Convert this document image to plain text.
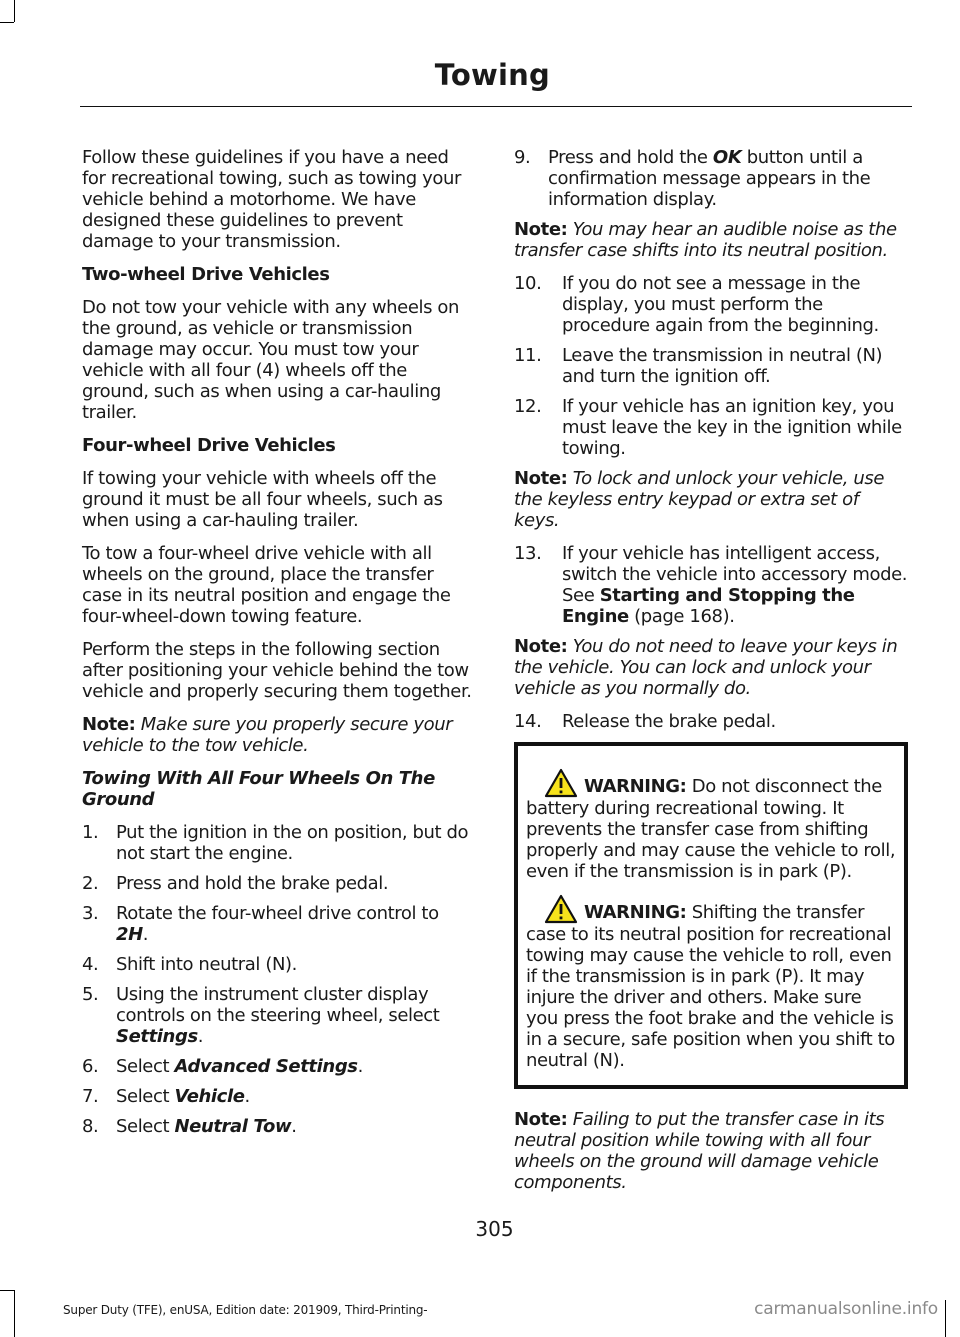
Towing

Follow these guidelines if you have a need for recreational towing, such as towing your vehicle behind a motorhome. We have designed these guidelines to prevent damage to your transmission.

Two-wheel Drive Vehicles

Do not tow your vehicle with any wheels on the ground, as vehicle or transmission damage may occur. You must tow your vehicle with all four (4) wheels off the ground, such as when using a car-hauling trailer.

Four-wheel Drive Vehicles

If towing your vehicle with wheels off the ground it must be all four wheels, such as when using a car-hauling trailer.

To tow a four-wheel drive vehicle with all wheels on the ground, place the transfer case in its neutral position and engage the four-wheel-down towing feature.

Perform the steps in the following section after positioning your vehicle behind the tow vehicle and properly securing them together.

Note: Make sure you properly secure your vehicle to the tow vehicle.

Towing With All Four Wheels On The Ground
1. Put the ignition in the on position, but do not start the engine.
2. Press and hold the brake pedal.
3. Rotate the four-wheel drive control to 2H.
4. Shift into neutral (N).
5. Using the instrument cluster display controls on the steering wheel, select Settings.
6. Select Advanced Settings.
7. Select Vehicle.
8. Select Neutral Tow.
9. Press and hold the OK button until a confirmation message appears in the information display.

Note: You may hear an audible noise as the transfer case shifts into its neutral position.

10.	If you do not see a message in the display, you must perform the procedure again from the beginning.
11.	Leave the transmission in neutral (N) and turn the ignition off.
12.	If your vehicle has an ignition key, you must leave the key in the ignition while towing.

Note: To lock and unlock your vehicle, use the keyless entry keypad or extra set of keys.

13.	If your vehicle has intelligent access, switch the vehicle into accessory mode. See Starting and Stopping the Engine (page 168).

Note: You do not need to leave your keys in the vehicle. You can lock and unlock your vehicle as you normally do.

14.	Release the brake pedal.
WARNING: Do not disconnect the battery during recreational towing. It prevents the transfer case from shifting properly and may cause the vehicle to roll, even if the transmission is in park (P).
WARNING: Shifting the transfer case to its neutral position for recreational towing may cause the vehicle to roll, even if the transmission is in park (P). It may injure the driver and others. Make sure you press the foot brake and the vehicle is in a secure, safe position when you shift to neutral (N).

Note: Failing to put the transfer case in its neutral position while towing with all four wheels on the ground will damage vehicle components.

305
Super Duty (TFE), enUSA, Edition date: 201909, Third-Printing-	carmanualsonline.info
